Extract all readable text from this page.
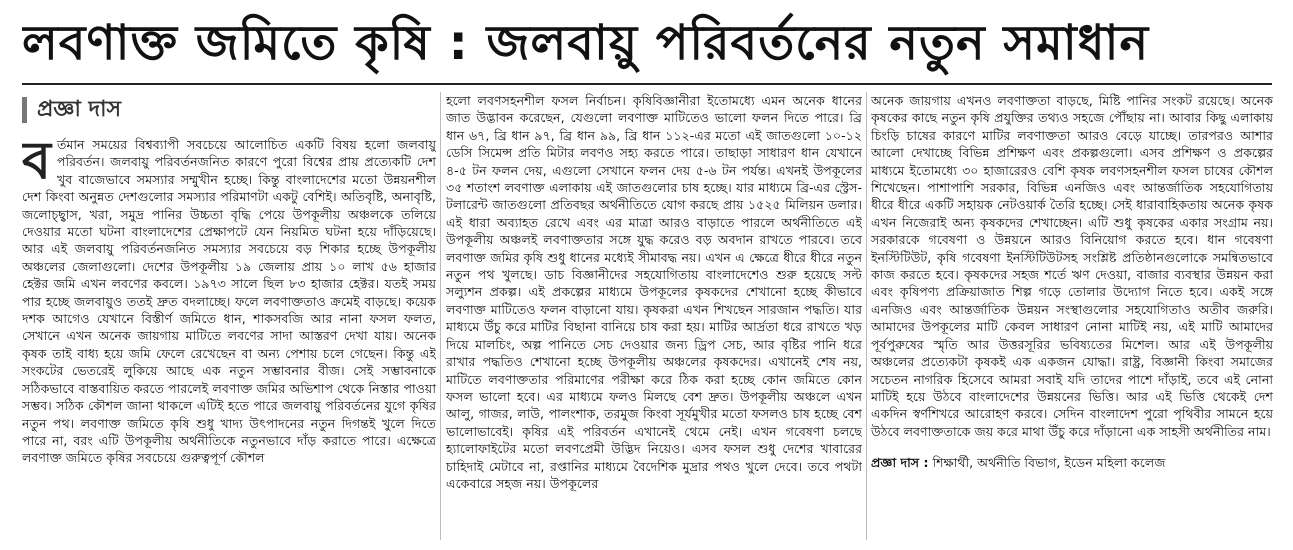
লবণাক্ত জমিতে কৃষি : জলবায়ু পরিবর্তনের নতুন সমাধান
প্রজ্ঞা দাস
ব র্তমান সময়ের বিশ্বব্যাপী সবচেয়ে আলোচিত একটি বিষয় হলো জলবায়ু পরিবর্তন। জলবায়ু পরিবর্তনজনিত কারণে পুরো বিশ্বের প্রায় প্রত্যেকটি দেশ খুব বাজেভাবে সমস্যার সম্মুখীন হচ্ছে। কিন্তু বাংলাদেশের মতো উন্নয়নশীল দেশ কিংবা অনুন্নত দেশগুলোর সমস্যার পরিমাণটা একটু বেশিই। অতিবৃষ্টি, অনাবৃষ্টি, জলোচ্ছ্বাস, খরা, সমুদ্র পানির উচ্চতা বৃদ্ধি পেয়ে উপকূলীয় অঞ্চলকে তলিয়ে দেওয়ার মতো ঘটনা বাংলাদেশের প্রেক্ষাপটে যেন নিয়মিত ঘটনা হয়ে দাঁড়িয়েছে। আর এই জলবায়ু পরিবর্তনজনিত সমস্যার সবচেয়ে বড় শিকার হচ্ছে উপকূলীয় অঞ্চলের জেলাগুলো। দেশের উপকূলীয় ১৯ জেলায় প্রায় ১০ লাখ ৫৬ হাজার হেক্টর জমি এখন লবণের কবলে। ১৯৭৩ সালে ছিল ৮৩ হাজার হেক্টর। যতই সময় পার হচ্ছে জলবায়ুও ততই দ্রুত বদলাচ্ছে। ফলে লবণাক্ততাও ক্রমেই বাড়ছে। কয়েক দশক আগেও যেখানে বিস্তীর্ণ জমিতে ধান, শাকসবজি আর নানা ফসল ফলত, সেখানে এখন অনেক জায়গায় মাটিতে লবণের সাদা আস্তরণ দেখা যায়। অনেক কৃষক তাই বাধ্য হয়ে জমি ফেলে রেখেছেন বা অন্য পেশায় চলে গেছেন। কিন্তু এই সংকটের ভেতরেই লুকিয়ে আছে এক নতুন সম্ভাবনার বীজ। সেই সম্ভাবনাকে সঠিকভাবে বাস্তবায়িত করতে পারলেই লবণাক্ত জমির অভিশাপ থেকে নিস্তার পাওয়া সম্ভব। সঠিক কৌশল জানা থাকলে এটিই হতে পারে জলবায়ু পরিবর্তনের যুগে কৃষির নতুন পথ। লবণাক্ত জমিতে কৃষি শুধু খাদ্য উৎপাদনের নতুন দিগন্তই খুলে দিতে পারে না, বরং এটি উপকূলীয় অর্থনীতিকে নতুনভাবে দাঁড় করাতে পারে। এক্ষেত্রে লবণাক্ত জমিতে কৃষির সবচেয়ে গুরুত্বপূর্ণ কৌশল

হলো লবণসহনশীল ফসল নির্বাচন। কৃষিবিজ্ঞানীরা ইতোমধ্যে এমন অনেক ধানের জাত উদ্ভাবন করেছেন, যেগুলো লবণাক্ত মাটিতেও ভালো ফলন দিতে পারে। ব্রি ধান ৬৭, ব্রি ধান ৯৭, ব্রি ধান ৯৯, ব্রি ধান ১১২-এর মতো এই জাতগুলো ১০-১২ ডেসি সিমেন্স প্রতি মিটার লবণও সহ্য করতে পারে। তাছাড়া সাধারণ ধান যেখানে ৪-৫ টন ফলন দেয়, এগুলো সেখানে ফলন দেয় ৫-৬ টন পর্যন্ত। এখনই উপকূলের ৩৫ শতাংশ লবণাক্ত এলাকায় এই জাতগুলোর চাষ হচ্ছে। যার মাধ্যমে ব্রি-এর স্ট্রেস-টলারেন্ট জাতগুলো প্রতিবছর অর্থনীতিতে যোগ করছে প্রায় ১৫২৫ মিলিয়ন ডলার। এই ধারা অব্যাহত রেখে এবং এর মাত্রা আরও বাড়াতে পারলে অর্থনীতিতে এই উপকূলীয় অঞ্চলই লবণাক্ততার সঙ্গে যুদ্ধ করেও বড় অবদান রাখতে পারবে। তবে লবণাক্ত জমির কৃষি শুধু ধানের মধ্যেই সীমাবদ্ধ নয়। এখন এ ক্ষেত্রে ধীরে ধীরে নতুন নতুন পথ খুলছে। ডাচ বিজ্ঞানীদের সহযোগিতায় বাংলাদেশেও শুরু হয়েছে সল্ট সল্যুশন প্রকল্প। এই প্রকল্পের মাধ্যমে উপকূলের কৃষকদের শেখানো হচ্ছে কীভাবে লবণাক্ত মাটিতেও ফলন বাড়ানো যায়। কৃষকরা এখন শিখছেন সারজান পদ্ধতি। যার মাধ্যমে উঁচু করে মাটির বিছানা বানিয়ে চাষ করা হয়। মাটির আর্দ্রতা ধরে রাখতে খড় দিয়ে মালচিং, অল্প পানিতে সেচ দেওয়ার জন্য ড্রিপ সেচ, আর বৃষ্টির পানি ধরে রাখার পদ্ধতিও শেখানো হচ্ছে উপকূলীয় অঞ্চলের কৃষকদের। এখানেই শেষ নয়, মাটিতে লবণাক্ততার পরিমাণের পরীক্ষা করে ঠিক করা হচ্ছে কোন জমিতে কোন ফসল ভালো হবে। এর মাধ্যমে ফলও মিলছে বেশ দ্রুত। উপকূলীয় অঞ্চলে এখন আলু, গাজর, লাউ, পালংশাক, তরমুজ কিংবা সূর্যমুখীর মতো ফসলও চাষ হচ্ছে বেশ ভালোভাবেই। কৃষির এই পরিবর্তন এখানেই থেমে নেই। এখন গবেষণা চলছে হ্যালোফাইটের মতো লবণপ্রেমী উদ্ভিদ নিয়েও। এসব ফসল শুধু দেশের খাবারের চাহিদাই মেটাবে না, রপ্তানির মাধ্যমে বৈদেশিক মুদ্রার পথও খুলে দেবে। তবে পথটা একেবারে সহজ নয়। উপকূলের

অনেক জায়গায় এখনও লবণাক্ততা বাড়ছে, মিষ্টি পানির সংকট রয়েছে। অনেক কৃষকের কাছে নতুন কৃষি প্রযুক্তির তথ্যও সহজে পৌঁছায় না। আবার কিছু এলাকায় চিংড়ি চাষের কারণে মাটির লবণাক্ততা আরও বেড়ে যাচ্ছে। তারপরও আশার আলো দেখাচ্ছে বিভিন্ন প্রশিক্ষণ এবং প্রকল্পগুলো। এসব প্রশিক্ষণ ও প্রকল্পের মাধ্যমে ইতোমধ্যে ৩০ হাজারেরও বেশি কৃষক লবণসহনশীল ফসল চাষের কৌশল শিখেছেন। পাশাপাশি সরকার, বিভিন্ন এনজিও এবং আন্তর্জাতিক সহযোগিতায় ধীরে ধীরে একটি সহায়ক নেটওয়ার্ক তৈরি হচ্ছে। সেই ধারাবাহিকতায় অনেক কৃষক এখন নিজেরাই অন্য কৃষকদের শেখাচ্ছেন। এটি শুধু কৃষকের একার সংগ্রাম নয়। সরকারকে গবেষণা ও উন্নয়নে আরও বিনিয়োগ করতে হবে। ধান গবেষণা ইনস্টিটিউট, কৃষি গবেষণা ইনস্টিটিউটসহ সংশ্লিষ্ট প্রতিষ্ঠানগুলোকে সমন্বিতভাবে কাজ করতে হবে। কৃষকদের সহজ শর্তে ঋণ দেওয়া, বাজার ব্যবস্থার উন্নয়ন করা এবং কৃষিপণ্য প্রক্রিয়াজাত শিল্প গড়ে তোলার উদ্যোগ নিতে হবে। একই সঙ্গে এনজিও এবং আন্তর্জাতিক উন্নয়ন সংস্থাগুলোর সহযোগিতাও অতীব জরুরি। আমাদের উপকূলের মাটি কেবল সাধারণ নোনা মাটিই নয়, এই মাটি আমাদের পূর্বপুরুষের স্মৃতি আর উত্তরসূরির ভবিষ্যতের মিশেল। আর এই উপকূলীয় অঞ্চলের প্রত্যেকটা কৃষকই এক একজন যোদ্ধা। রাষ্ট্র, বিজ্ঞানী কিংবা সমাজের সচেতন নাগরিক হিসেবে আমরা সবাই যদি তাদের পাশে দাঁড়াই, তবে এই নোনা মাটিই হয়ে উঠবে বাংলাদেশের উন্নয়নের ভিত্তি। আর এই ভিত্তি থেকেই দেশ একদিন স্বর্ণশিখরে আরোহণ করবে। সেদিন বাংলাদেশ পুরো পৃথিবীর সামনে হয়ে উঠবে লবণাক্ততাকে জয় করে মাথা উঁচু করে দাঁড়ানো এক সাহসী অর্থনীতির নাম।

প্রজ্ঞা দাস : শিক্ষার্থী, অর্থনীতি বিভাগ, ইডেন মহিলা কলেজ
